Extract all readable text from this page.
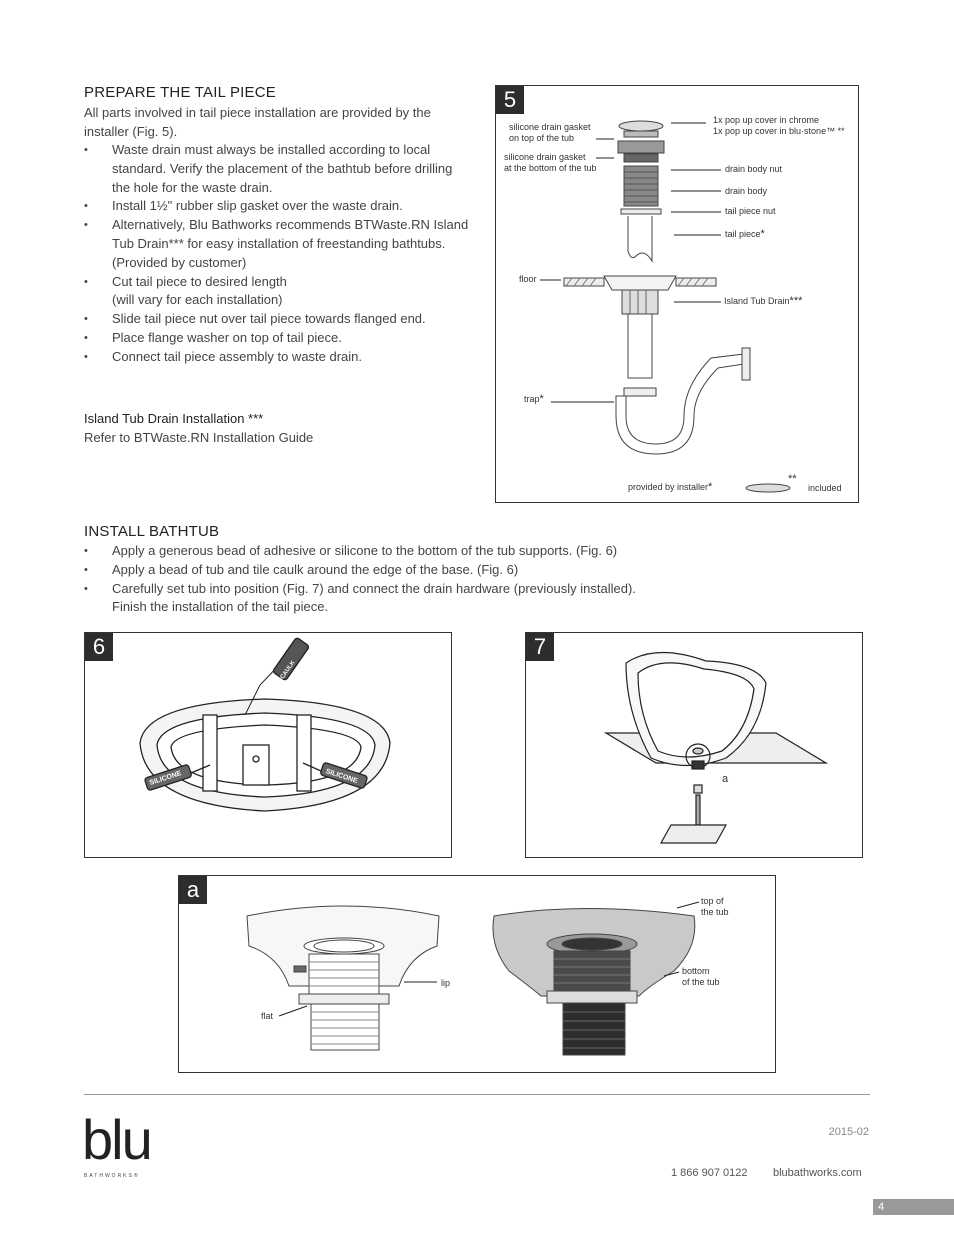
PREPARE THE TAIL PIECE

All parts involved in tail piece installation are provided by the installer (Fig. 5).

• Waste drain must always be installed according to local standard. Verify the placement of the bathtub before drilling the hole for the waste drain.
• Install 1½" rubber slip gasket over the waste drain.
• Alternatively, Blu Bathworks recommends BTWaste.RN Island Tub Drain*** for easy installation of freestanding bathtubs. (Provided by customer)
• Cut tail piece to desired length
(will vary for each installation)
• Slide tail piece nut over tail piece towards flanged end.
• Place flange washer on top of tail piece.
• Connect tail piece assembly to waste drain.

Island Tub Drain Installation ***

Refer to BTWaste.RN Installation Guide

5
silicone drain gasket
on top of the tub
silicone drain gasket
at the bottom of the tub
1x pop up cover in chrome
1x pop up cover in blu·stone™ **
drain body nut
drain body
tail piece nut
tail piece*
floor
Island Tub Drain***
trap*
provided by installer*
**
included
INSTALL BATHTUB
• Apply a generous bead of adhesive or silicone to the bottom of the tub supports. (Fig. 6)
• Apply a bead of tub and tile caulk around the edge of the base. (Fig. 6)
• Carefully set tub into position (Fig. 7) and connect the drain hardware (previously installed). Finish the installation of the tail piece.
6
CAULK
SILICONE	SILICONE
7
a
a
lip
flat
top of
the tub
bottom
of the tub
blu
BATHWORKS®
2015-02
1 866 907 0122 blubathworks.com
4
